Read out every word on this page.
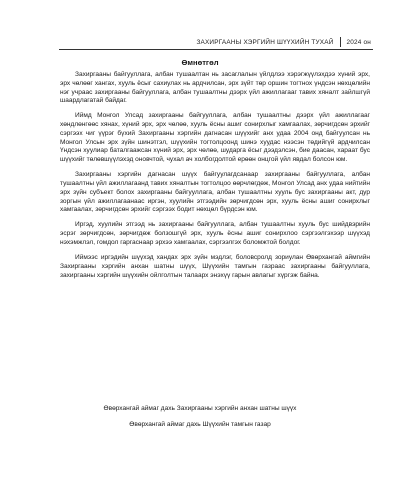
ЗАХИРГААНЫ ХЭРГИЙН ШҮҮХИЙН ТУХАЙ 2024 он
Өмнөтгөл

Захиргааны байгууллага, албан тушаалтан нь засаглалын үйлдлээ хэрэгжүүлэхдээ хүний эрх, эрх чөлөөг хангах, хууль ёсыг сахиулах нь ардчилсан, эрх зүйт төр оршин тогтнох үндсэн нөхцөлийн нэг учраас захиргааны байгууллага, албан тушаалтны дээрх үйл ажиллагааг тавих хяналт зайлшгүй шаардлагатай байдаг.

Иймд Монгол Улсад захиргааны байгууллага, албан тушаалтны дээрх үйл ажиллагааг хөндлөнгөөс хянах, хүний эрх, эрх чөлөө, хууль ёсны ашиг сонирхлыг хамгаалах, зөрчигдсөн эрхийг сэргээх чиг үүрэг бүхий Захиргааны хэргийн дагнасан шүүхийг анх удаа 2004 онд байгуулсан нь Монгол Улсын эрх зүйн шинэтгэл, шүүхийн тогтолцоонд шинэ хуудас нээсэн төдийгүй ардчилсан Үндсэн хуулиар баталгаажсан хүний эрх, эрх чөлөө, шударга ёсыг дээдэлсэн, бие даасан, хараат бус шүүхийг төлөвшүүлэхэд оновчтой, чухал ач холбогдолтой ерөөн онцгой үйл явдал болсон юм.

Захиргааны хэргийн дагнасан шүүх байгуулагдсанаар захиргааны байгууллага, албан тушаалтны үйл ажиллагаанд тавих хяналтын тогтолцоо өөрчлөгдөж, Монгол Улсад анх удаа нийтийн эрх зүйн субъект болох захиргааны байгууллага, албан тушаалтны хууль бус захиргааны акт, дур зоргын үйл ажиллагаанаас иргэн, хуулийн этгээдийн зөрчигдсөн эрх, хууль ёсны ашиг сонирхлыг хамгаалах, зөрчигдсөн эрхийг сэргээх бодит нөхцөл бүрдсэн юм.

Иргэд, хуулийн этгээд нь захиргааны байгууллага, албан тушаалтны хууль бус шийдвэрийн эсрэг зөрчигдсөн, зөрчигдөж болзошгүй эрх, хууль ёсны ашиг сонирхлоо сэргээлгэхээр шүүхэд нэхэмжлэл, гомдол гаргаснаар эрхээ хамгаалах, сэргээлгэх боломжтой болдог.

Иймээс иргэдийн шүүхэд хандах эрх зүйн мэдлэг, боловсролд зориулан Өвөрхангай аймгийн Захиргааны хэргийн анхан шатны шүүх, Шүүхийн тамгын газраас захиргааны байгууллага, захиргааны хэргийн шүүхийн ойлголтын талаарх энэхүү гарын авлагыг хүргэж байна.

Өвөрхангай аймаг дахь Захиргааны хэргийн анхан шатны шүүх
Өвөрхангай аймаг дахь Шүүхийн тамгын газар
